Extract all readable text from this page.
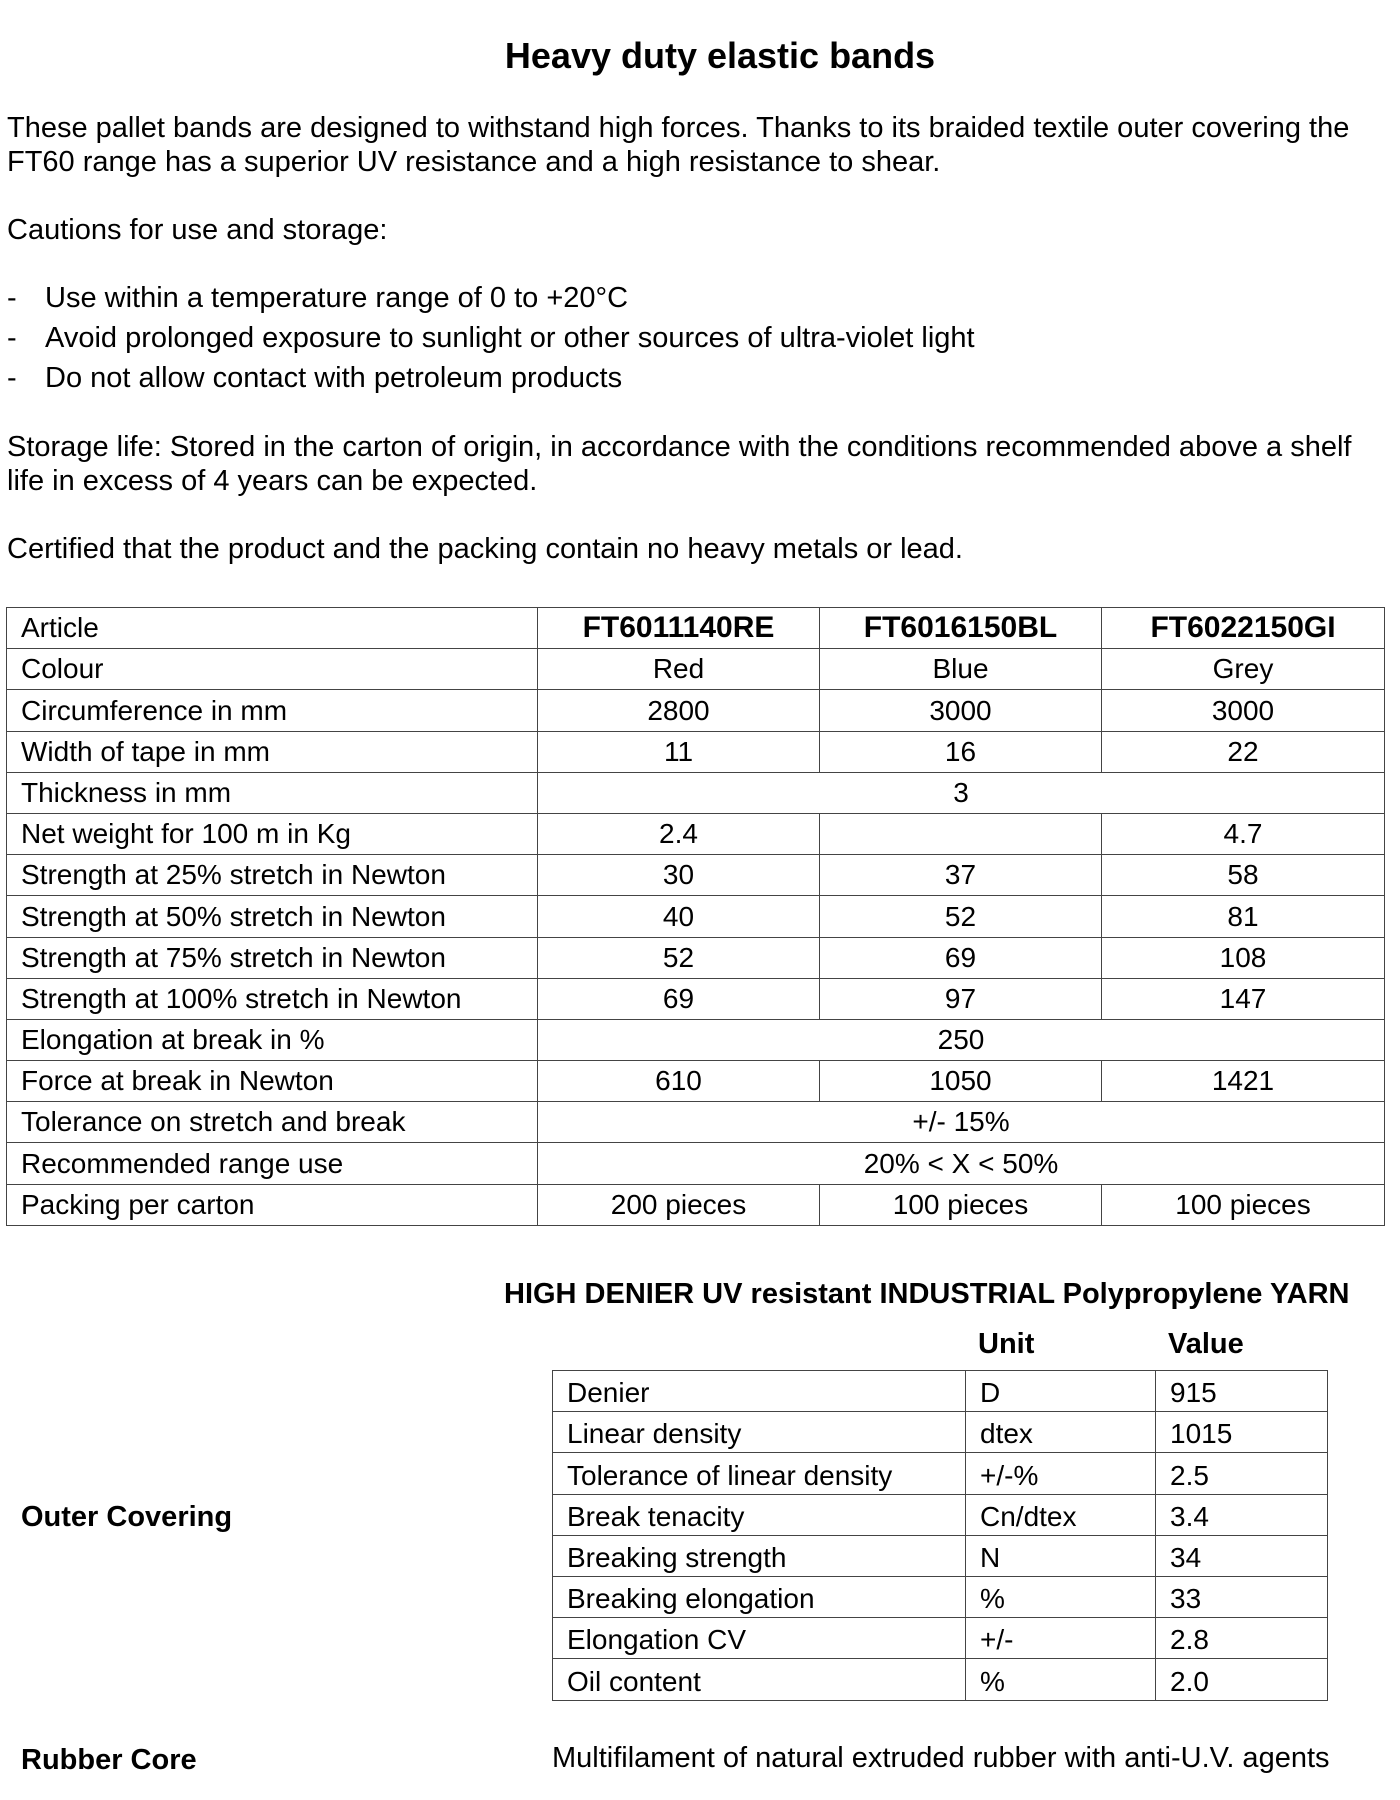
Heavy duty elastic bands

These pallet bands are designed to withstand high forces. Thanks to its braided textile outer covering the FT60 range has a superior UV resistance and a high resistance to shear.

Cautions for use and storage:

- Use within a temperature range of 0 to +20°C
- Avoid prolonged exposure to sunlight or other sources of ultra-violet light
- Do not allow contact with petroleum products

Storage life: Stored in the carton of origin, in accordance with the conditions recommended above a shelf life in excess of 4 years can be expected.

Certified that the product and the packing contain no heavy metals or lead.

Article	FT6011140RE	FT6016150BL	FT6022150GI
Colour	Red	Blue	Grey
Circumference in mm	2800	3000	3000
Width of tape in mm	11	16	22
Thickness in mm	3		
Net weight for 100 m in Kg	2.4		4.7
Strength at 25% stretch in Newton	30	37	58
Strength at 50% stretch in Newton	40	52	81
Strength at 75% stretch in Newton	52	69	108
Strength at 100% stretch in Newton	69	97	147
Elongation at break in %	250		
Force at break in Newton	610	1050	1421
Tolerance on stretch and break	+/- 15%		
Recommended range use	20% < X < 50%		
Packing per carton	200 pieces	100 pieces	100 pieces
HIGH DENIER UV resistant INDUSTRIAL Polypropylene YARN
Unit	Value
Outer Covering
Denier	D	915
Linear density	dtex	1015
Tolerance of linear density	+/-%	2.5
Break tenacity	Cn/dtex	3.4
Breaking strength	N	34
Breaking elongation	%	33
Elongation CV	+/-	2.8
Oil content	%	2.0
Rubber Core	Multifilament of natural extruded rubber with anti-U.V. agents
